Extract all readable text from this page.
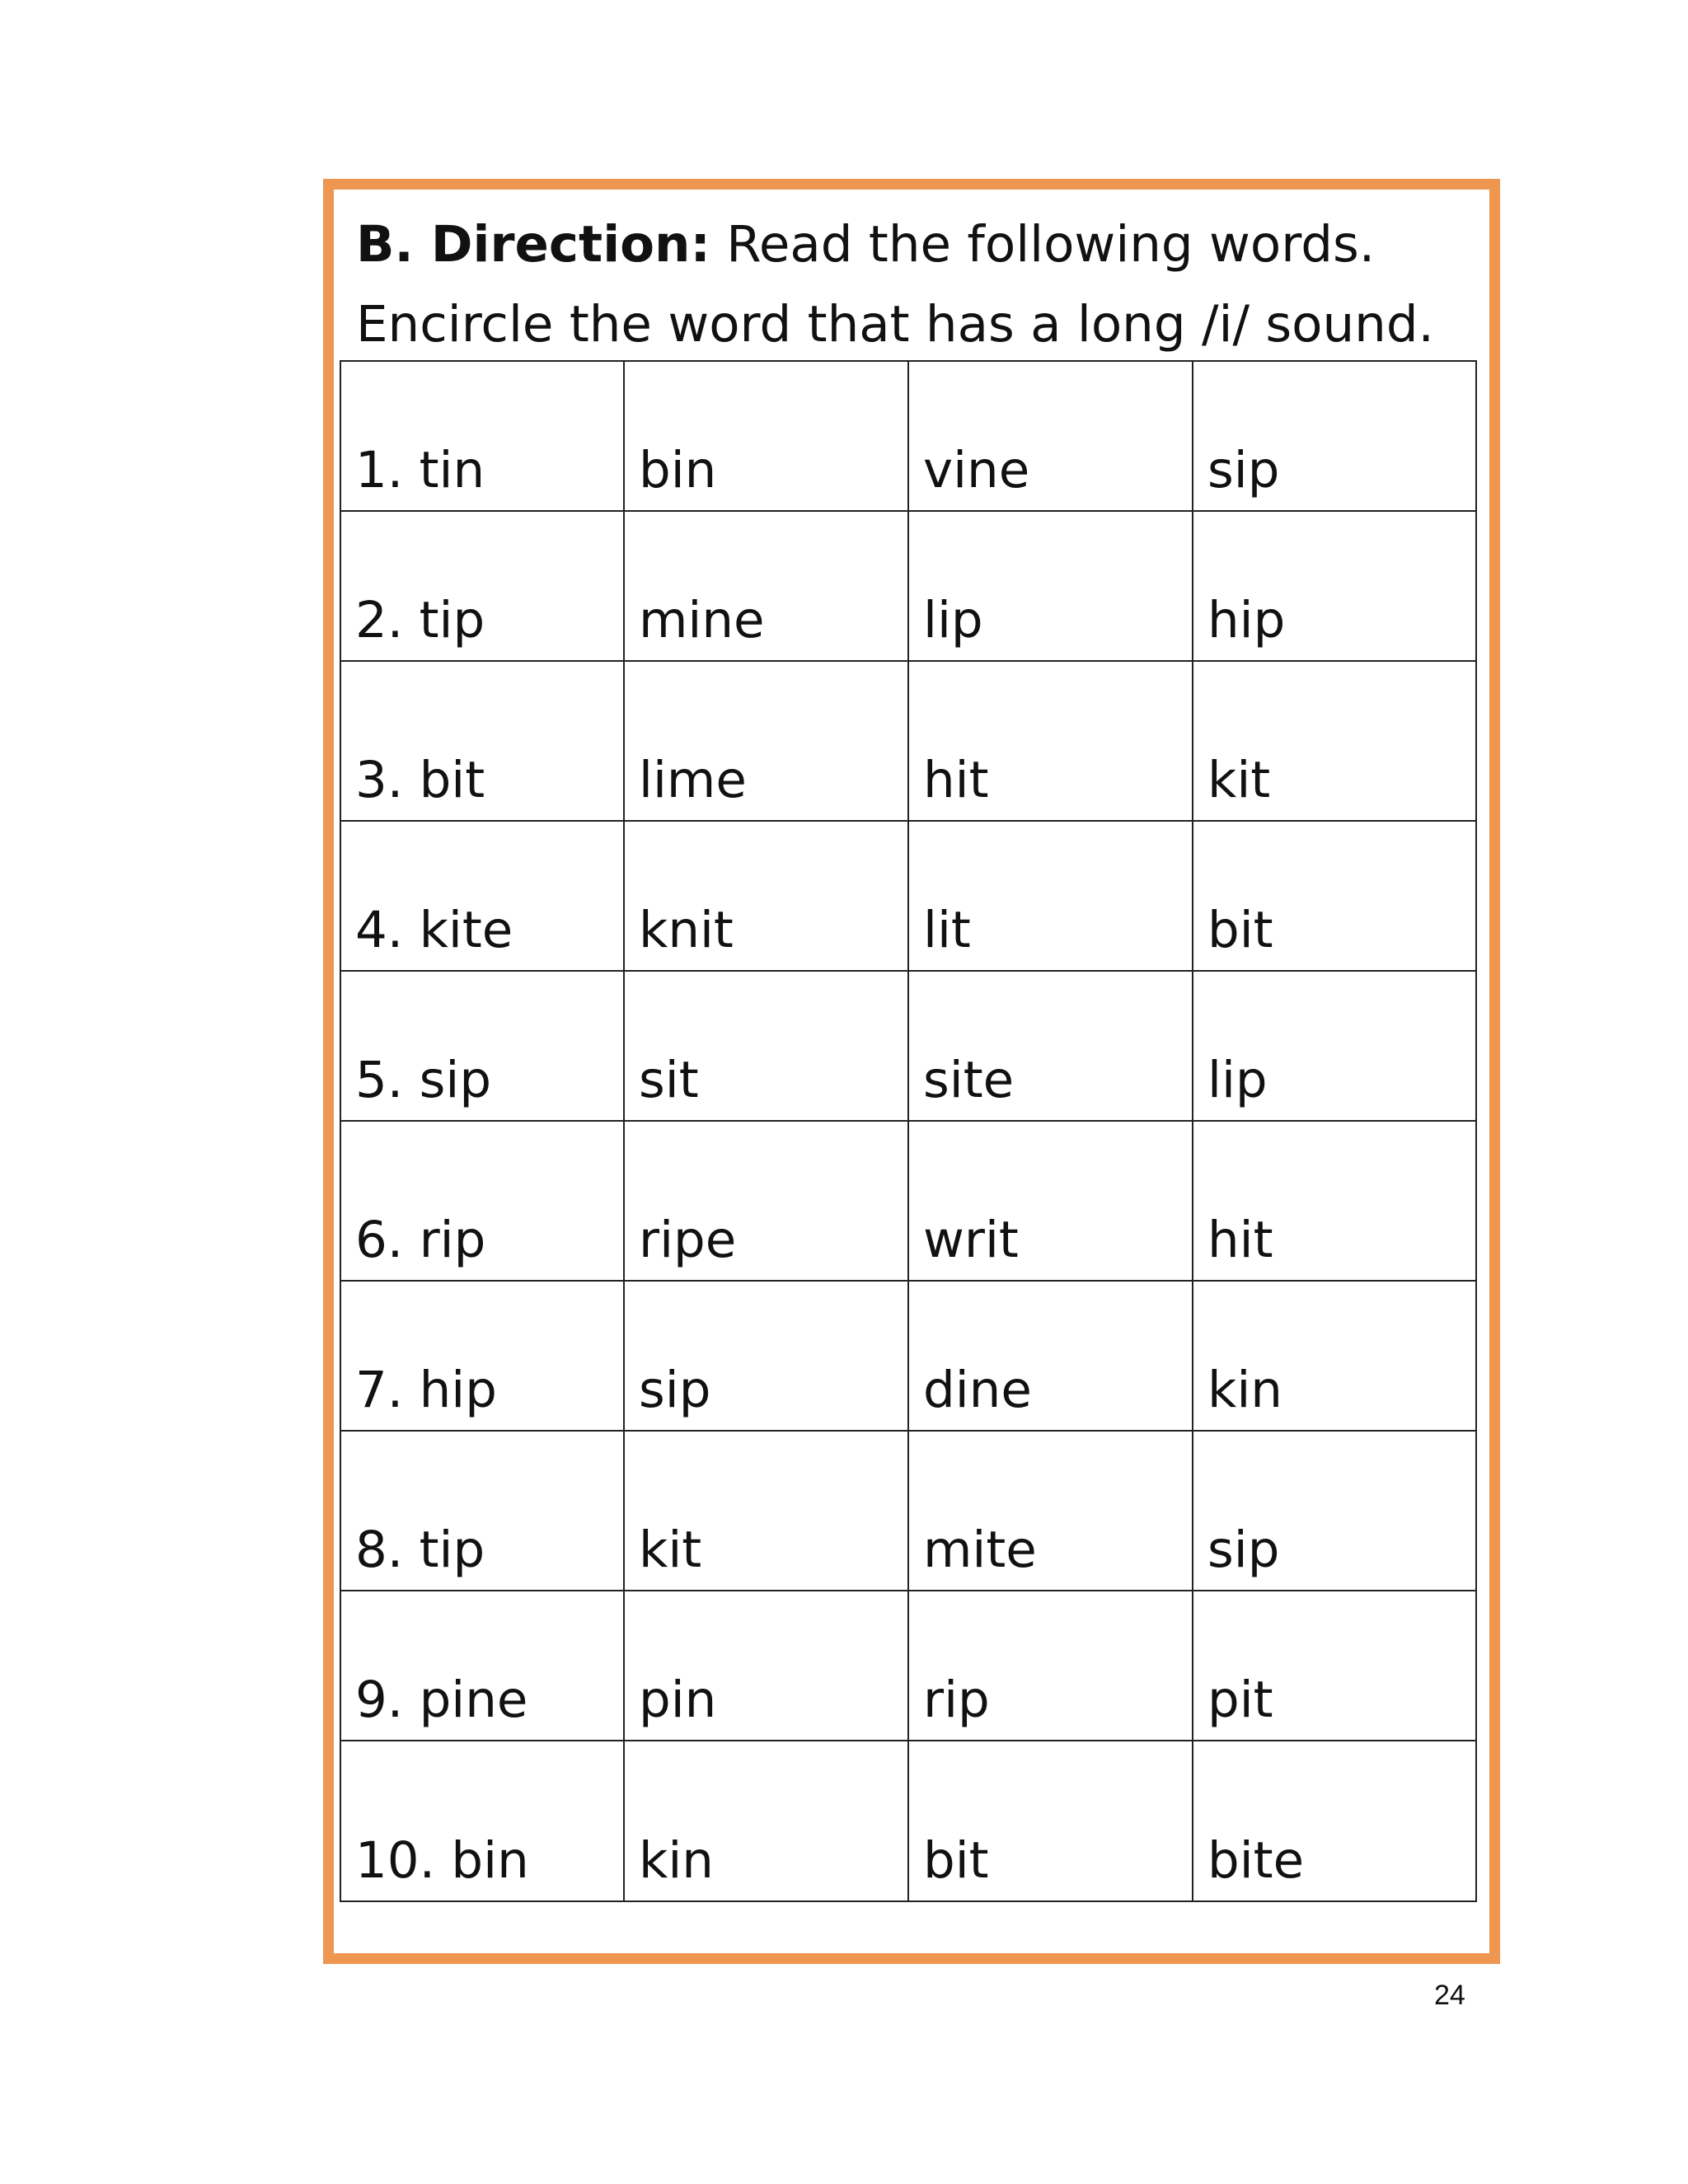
B. Direction: Read the following words. Encircle the word that has a long /i/ sound.

1. tin	bin	vine	sip
2. tip	mine	lip	hip
3. bit	lime	hit	kit
4. kite	knit	lit	bit
5. sip	sit	site	lip
6. rip	ripe	writ	hit
7. hip	sip	dine	kin
8. tip	kit	mite	sip
9. pine	pin	rip	pit
10. bin	kin	bit	bite

24
